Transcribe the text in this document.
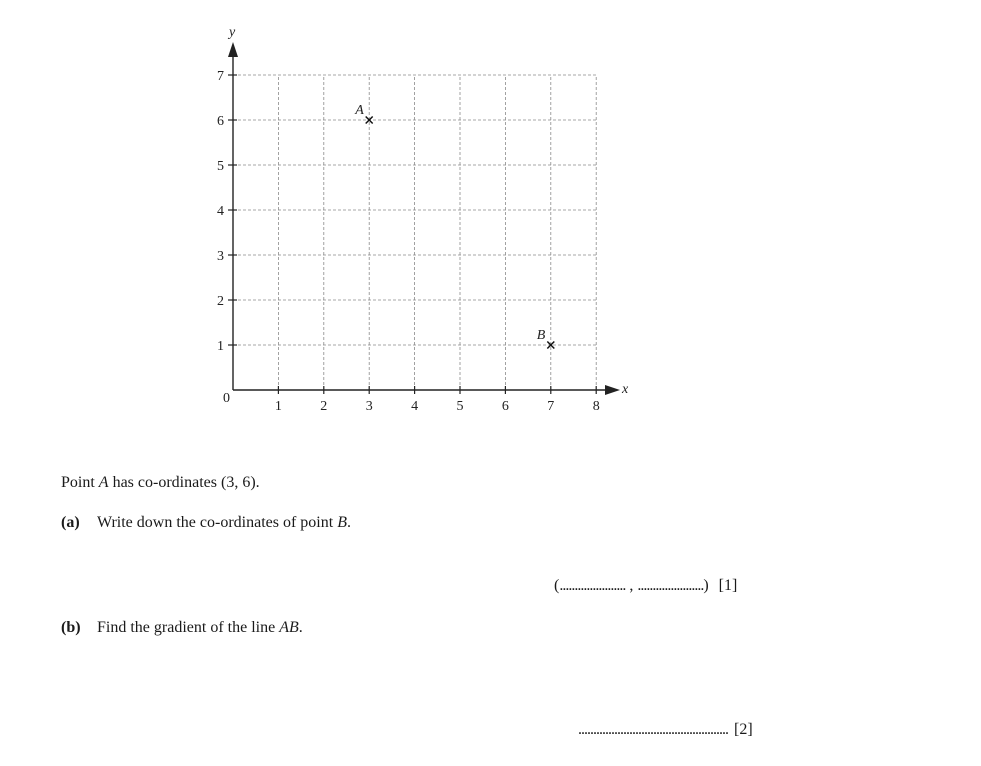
1	2	3	4	5	6	7	8
1
2
3
4
5
6
7
x
y
0
A
B
Point A has co-ordinates (3, 6).
(a) Write down the co-ordinates of point B.
(...................... , ......................) [1]
(b) Find the gradient of the line AB.
.................................................. [2]
